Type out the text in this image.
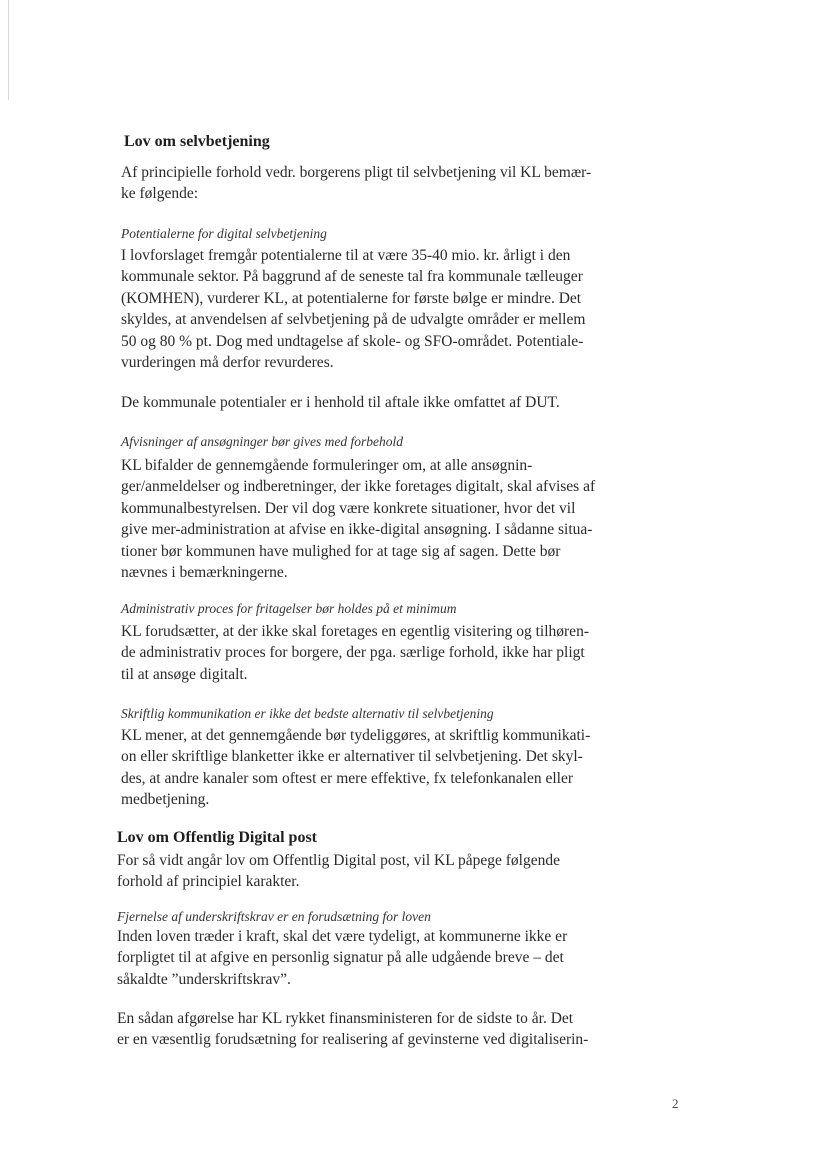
Lov om selvbetjening
Af principielle forhold vedr. borgerens pligt til selvbetjening vil KL bemær-
ke følgende:
Potentialerne for digital selvbetjening
I lovforslaget fremgår potentialerne til at være 35-40 mio. kr. årligt i den
kommunale sektor. På baggrund af de seneste tal fra kommunale tælleuger
(KOMHEN), vurderer KL, at potentialerne for første bølge er mindre. Det
skyldes, at anvendelsen af selvbetjening på de udvalgte områder er mellem
50 og 80 % pt. Dog med undtagelse af skole- og SFO-området. Potentiale-
vurderingen må derfor revurderes.
De kommunale potentialer er i henhold til aftale ikke omfattet af DUT.
Afvisninger af ansøgninger bør gives med forbehold
KL bifalder de gennemgående formuleringer om, at alle ansøgnin-
ger/anmeldelser og indberetninger, der ikke foretages digitalt, skal afvises af
kommunalbestyrelsen. Der vil dog være konkrete situationer, hvor det vil
give mer-administration at afvise en ikke-digital ansøgning. I sådanne situa-
tioner bør kommunen have mulighed for at tage sig af sagen. Dette bør
nævnes i bemærkningerne.
Administrativ proces for fritagelser bør holdes på et minimum
KL forudsætter, at der ikke skal foretages en egentlig visitering og tilhøren-
de administrativ proces for borgere, der pga. særlige forhold, ikke har pligt
til at ansøge digitalt.
Skriftlig kommunikation er ikke det bedste alternativ til selvbetjening
KL mener, at det gennemgående bør tydeliggøres, at skriftlig kommunikati-
on eller skriftlige blanketter ikke er alternativer til selvbetjening. Det skyl-
des, at andre kanaler som oftest er mere effektive, fx telefonkanalen eller
medbetjening.
Lov om Offentlig Digital post
For så vidt angår lov om Offentlig Digital post, vil KL påpege følgende
forhold af principiel karakter.
Fjernelse af underskriftskrav er en forudsætning for loven
Inden loven træder i kraft, skal det være tydeligt, at kommunerne ikke er
forpligtet til at afgive en personlig signatur på alle udgående breve – det
såkaldte ”underskriftskrav”.
En sådan afgørelse har KL rykket finansministeren for de sidste to år. Det
er en væsentlig forudsætning for realisering af gevinsterne ved digitaliserin-
2
